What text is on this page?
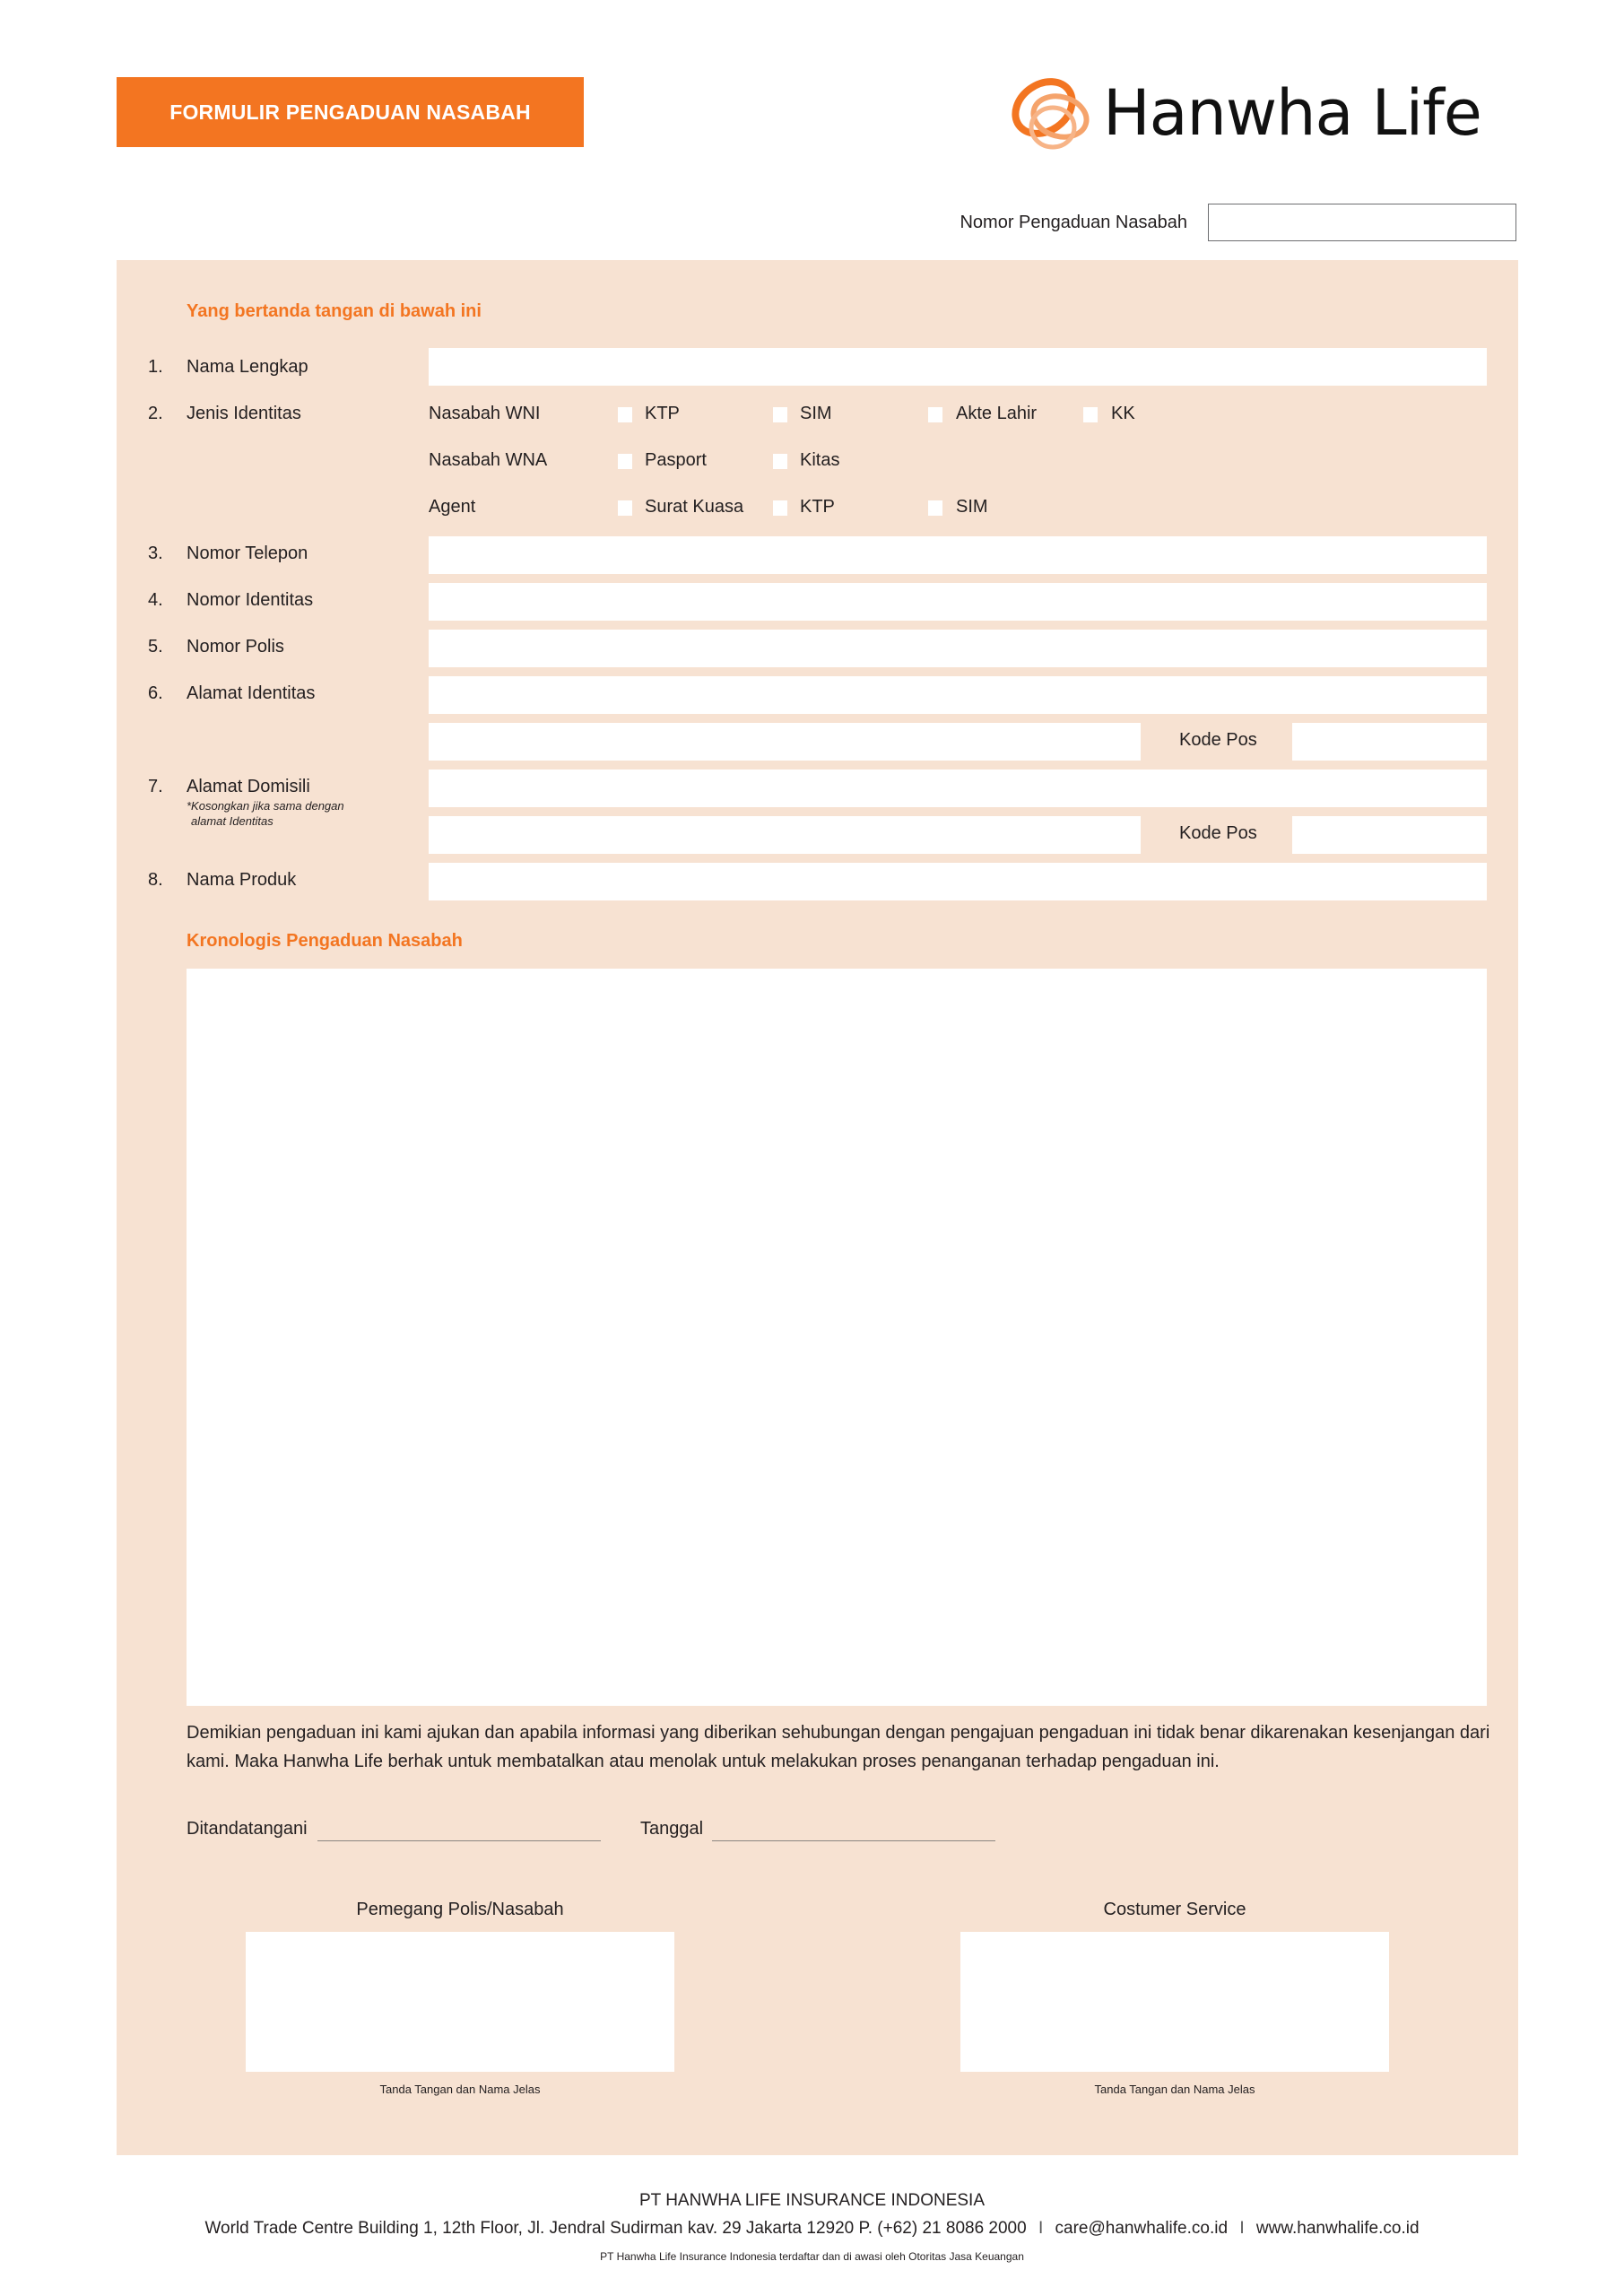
FORMULIR PENGADUAN NASABAH	Hanwha Life
Nomor Pengaduan Nasabah
Yang bertanda tangan di bawah ini
1. Nama Lengkap
2. Jenis Identitas	Nasabah WNI	KTP	SIM	Akte Lahir	KK
Nasabah WNA	Pasport	Kitas
Agent	Surat Kuasa	KTP	SIM
3. Nomor Telepon
4. Nomor Identitas
5. Nomor Polis
6. Alamat Identitas
Kode Pos
7. Alamat Domisili
*Kosongkan jika sama dengan
alamat Identitas
Kode Pos
8. Nama Produk
Kronologis Pengaduan Nasabah
Demikian pengaduan ini kami ajukan dan apabila informasi yang diberikan sehubungan dengan pengajuan pengaduan ini tidak benar dikarenakan kesenjangan dari kami. Maka Hanwha Life berhak untuk membatalkan atau menolak untuk melakukan proses penanganan terhadap pengaduan ini.
Ditandatangani	Tanggal
Pemegang Polis/Nasabah
Tanda Tangan dan Nama Jelas
Costumer Service
Tanda Tangan dan Nama Jelas
PT HANWHA LIFE INSURANCE INDONESIA
World Trade Centre Building 1, 12th Floor, Jl. Jendral Sudirman kav. 29 Jakarta 12920 P. (+62) 21 8086 2000 I care@hanwhalife.co.id I www.hanwhalife.co.id
PT Hanwha Life Insurance Indonesia terdaftar dan di awasi oleh Otoritas Jasa Keuangan
